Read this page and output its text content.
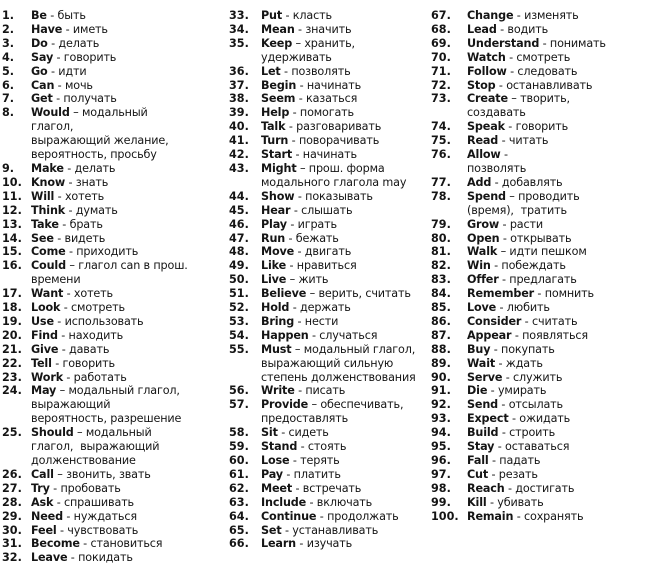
1.	Be - быть
2.	Have - иметь
3.	Do - делать
4.	Say - говорить
5.	Go - идти
6.	Can - мочь
7.	Get - получать
8.	Would – модальный
глагол,
выражающий желание,
вероятность, просьбу
9.	Make - делать
10. Know - знать
11. Will - хотеть
12. Think - думать
13. Take - брать
14. See - видеть
15. Come - приходить
16. Could – глагол can в прош.
времени
17. Want - хотеть
18. Look - смотреть
19. Use - использовать
20. Find - находить
21. Give - давать
22. Tell - говорить
23. Work - работать
24. May – модальный глагол,
выражающий
вероятность, разрешение
25. Should – модальный
глагол,  выражающий
долженствование
26. Call – звонить, звать
27. Try - пробовать
28. Ask - спрашивать
29. Need - нуждаться
30. Feel - чувствовать
31. Become - становиться
32. Leave - покидать
33.	Put - класть
34.	Mean - значить
35.	Keep – хранить,
удерживать
36.	Let - позволять
37.	Begin - начинать
38.	Seem - казаться
39.	Help - помогать
40.	Talk - разговаривать
41.	Turn - поворачивать
42.	Start - начинать
43.	Might – прош. форма
модального глагола may
44.	Show - показывать
45.	Hear - слышать
46.	Play - играть
47.	Run - бежать
48.	Move - двигать
49.	Like - нравиться
50.	Live – жить
51.	Believe – верить, считать
52.	Hold - держать
53.	Bring - нести
54.	Happen - случаться
55.	Must – модальный глагол,
выражающий сильную
степень долженствования
56.	Write - писать
57.	Provide – обеспечивать,
предоставлять
58.	Sit - сидеть
59.	Stand - стоять
60.	Lose - терять
61.	Pay - платить
62.	Meet - встречать
63.	Include - включать
64.	Continue - продолжать
65.	Set - устанавливать
66.	Learn - изучать
67.	Change - изменять
68.	Lead - водить
69.	Understand - понимать
70.	Watch - смотреть
71.	Follow - следовать
72.	Stop - останавливать
73.	Create – творить,
создавать
74.	Speak - говорить
75.	Read - читать
76.	Allow -
позволять
77.	Add - добавлять
78.	Spend – проводить
(время),  тратить
79.	Grow - расти
80.	Open - открывать
81.	Walk – идти пешком
82.	Win - побеждать
83.	Offer - предлагать
84.	Remember - помнить
85.	Love - любить
86.	Consider - считать
87.	Appear - появляться
88.	Buy - покупать
89.	Wait - ждать
90.	Serve - служить
91.	Die - умирать
92.	Send - отсылать
93.	Expect - ожидать
94.	Build - строить
95.	Stay - оставаться
96.	Fall - падать
97.	Cut - резать
98.	Reach - достигать
99.	Kill - убивать
100. Remain - сохранять
